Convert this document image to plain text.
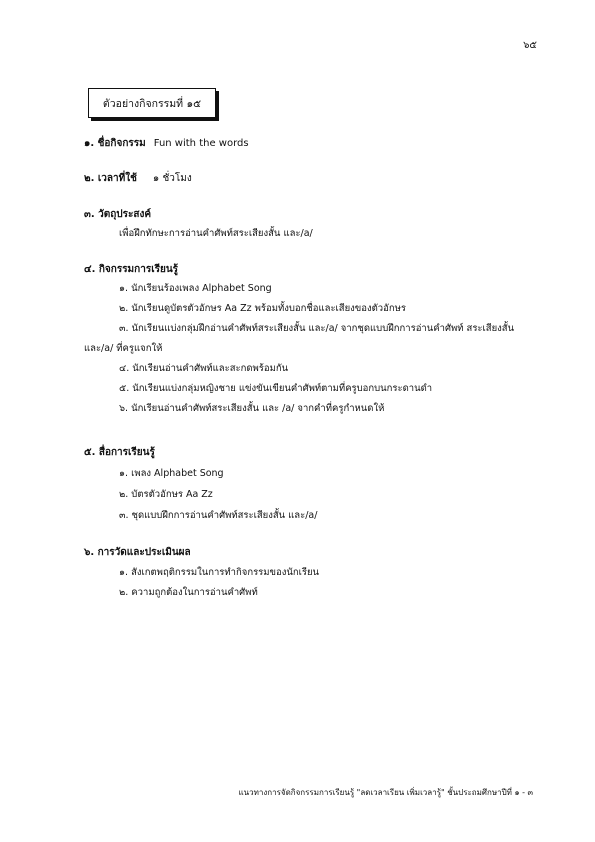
๖๕
ตัวอย่างกิจกรรมที่ ๑๕
๑. ชื่อกิจกรรม Fun with the words
๒. เวลาที่ใช้ ๑ ชั่วโมง
๓. วัตถุประสงค์
เพื่อฝึกทักษะการอ่านคำศัพท์สระเสียงสั้น และ/a/
๔. กิจกรรมการเรียนรู้
๑. นักเรียนร้องเพลง Alphabet Song
๒. นักเรียนดูบัตรตัวอักษร Aa Zz พร้อมทั้งบอกชื่อและเสียงของตัวอักษร
๓. นักเรียนแบ่งกลุ่มฝึกอ่านคำศัพท์สระเสียงสั้น และ/a/ จากชุดแบบฝึกการอ่านคำศัพท์ สระเสียงสั้น
และ/a/ ที่ครูแจกให้
๔. นักเรียนอ่านคำศัพท์และสะกดพร้อมกัน
๕. นักเรียนแบ่งกลุ่มหญิงชาย แข่งขันเขียนคำศัพท์ตามที่ครูบอกบนกระดานดำ
๖. นักเรียนอ่านคำศัพท์สระเสียงสั้น และ /a/ จากคำที่ครูกำหนดให้
๕. สื่อการเรียนรู้
๑. เพลง Alphabet Song
๒. บัตรตัวอักษร Aa Zz
๓. ชุดแบบฝึกการอ่านคำศัพท์สระเสียงสั้น และ/a/
๖. การวัดและประเมินผล
๑. สังเกตพฤติกรรมในการทำกิจกรรมของนักเรียน
๒. ความถูกต้องในการอ่านคำศัพท์
แนวทางการจัดกิจกรรมการเรียนรู้ "ลดเวลาเรียน เพิ่มเวลารู้" ชั้นประถมศึกษาปีที่ ๑ - ๓
